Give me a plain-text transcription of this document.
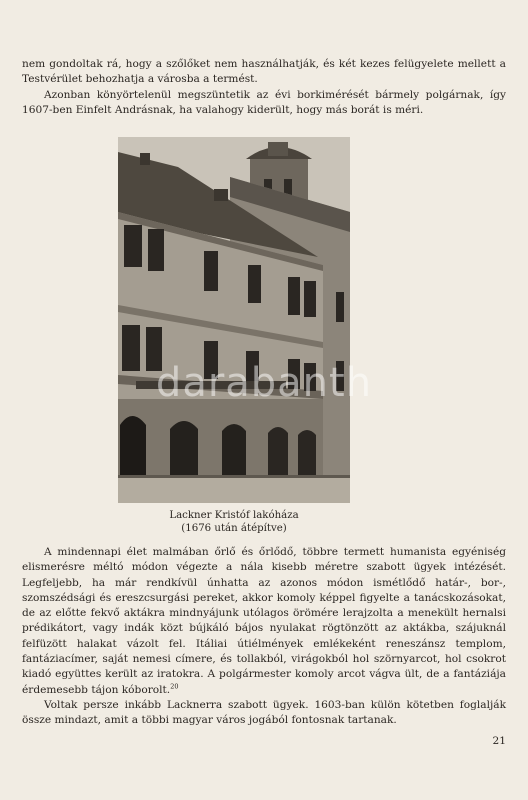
nem gondoltak rá, hogy a szőlőket nem használhatják, és két kezes felügyelete mellett a Testvérület behozhatja a városba a termést.

Azonban könyörtelenül megszüntetik az évi borkimérését bármely polgárnak, így 1607-ben Einfelt Andrásnak, ha valahogy kiderült, hogy más borát is méri.

Lackner Kristóf lakóháza
(1676 után átépítve)

A mindennapi élet malmában őrlő és őrlődő, többre termett humanista egyéniség elismerésre méltó módon végezte a nála kisebb méretre szabott ügyek intézését. Legfeljebb, ha már rendkívül únhatta az azonos módon ismétlődő határ-, bor-, szomszédsági és ereszcsurgási pereket, akkor komoly képpel figyelte a tanácskozásokat, de az előtte fekvő aktákra mindnyájunk utólagos örömére lerajzolta a menekült hernalsi prédikátort, vagy indák közt bújkáló bájos nyulakat rögtönzött az aktákba, szájuknál felfüzött halakat vázolt fel. Itáliai útiélmények emlékeként reneszánsz templom, fantáziacímer, saját nemesi címere, és tollakból, virágokból hol szörnyarcot, hol csokrot kiadó együttes került az iratokra. A polgármester komoly arcot vágva ült, de a fantáziája érdemesebb tájon kóborolt.$^{20}$

Voltak persze inkább Lacknerra szabott ügyek. 1603-ban külön kötetben foglalják össze mindazt, amit a többi magyar város jogából fontosnak tartanak.

21
darabanth
